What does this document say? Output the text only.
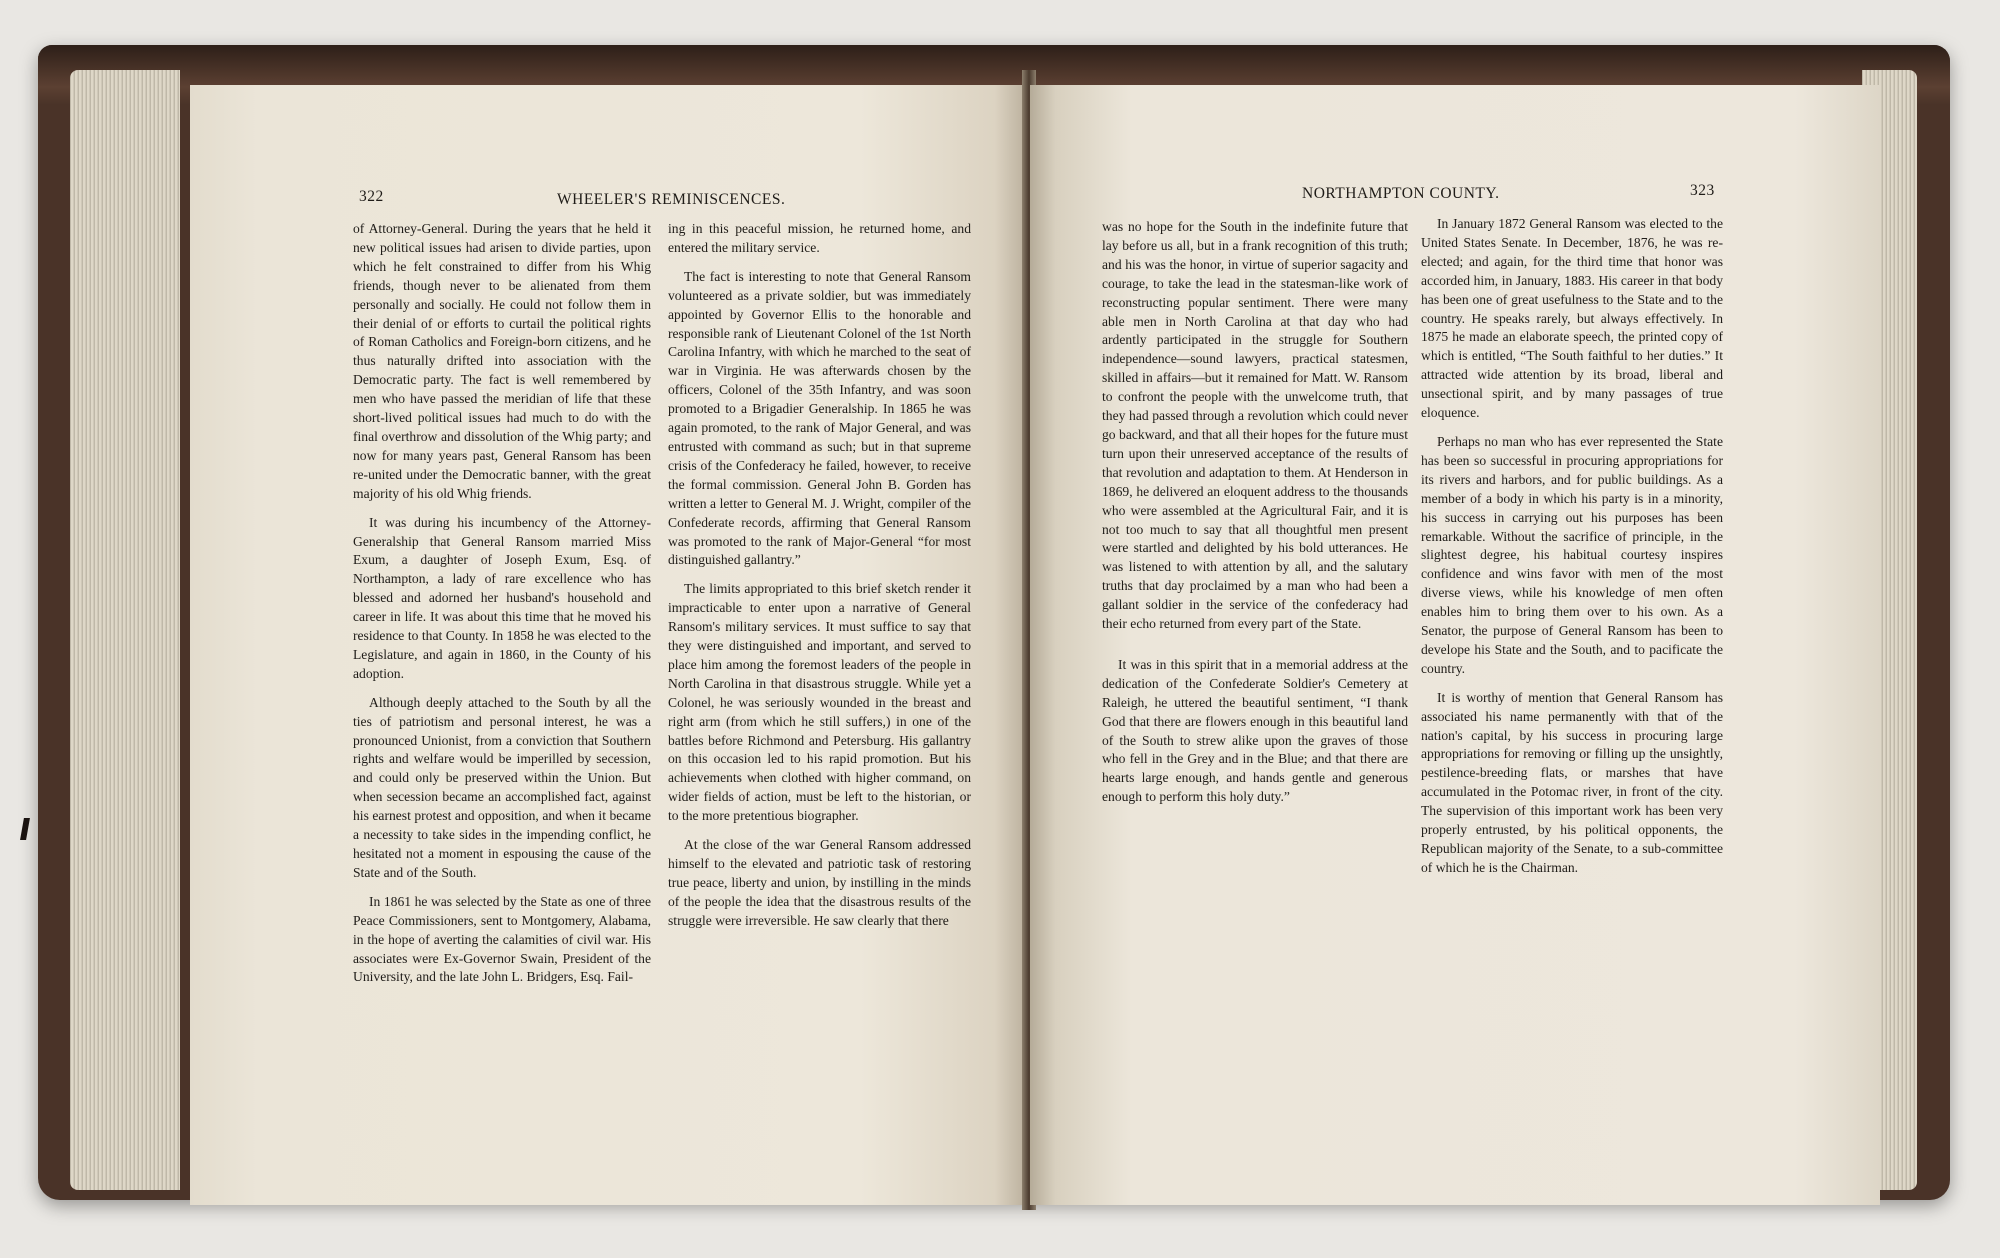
322	WHEELER'S REMINISCENCES.

of Attorney-General. During the years that he held it new political issues had arisen to divide parties, upon which he felt constrained to differ from his Whig friends, though never to be alienated from them personally and socially. He could not follow them in their denial of or efforts to curtail the political rights of Roman Catholics and Foreign-born citizens, and he thus naturally drifted into association with the Democratic party. The fact is well remembered by men who have passed the meridian of life that these short-lived political issues had much to do with the final overthrow and dissolution of the Whig party; and now for many years past, General Ransom has been re-united under the Democratic banner, with the great majority of his old Whig friends.

It was during his incumbency of the Attorney-Generalship that General Ransom married Miss Exum, a daughter of Joseph Exum, Esq. of Northampton, a lady of rare excellence who has blessed and adorned her husband's household and career in life. It was about this time that he moved his residence to that County. In 1858 he was elected to the Legislature, and again in 1860, in the County of his adoption.

Although deeply attached to the South by all the ties of patriotism and personal interest, he was a pronounced Unionist, from a conviction that Southern rights and welfare would be imperilled by secession, and could only be preserved within the Union. But when secession became an accomplished fact, against his earnest protest and opposition, and when it became a necessity to take sides in the impending conflict, he hesitated not a moment in espousing the cause of the State and of the South.

In 1861 he was selected by the State as one of three Peace Commissioners, sent to Montgomery, Alabama, in the hope of averting the calamities of civil war. His associates were Ex-Governor Swain, President of the University, and the late John L. Bridgers, Esq. Fail-

ing in this peaceful mission, he returned home, and entered the military service.

The fact is interesting to note that General Ransom volunteered as a private soldier, but was immediately appointed by Governor Ellis to the honorable and responsible rank of Lieutenant Colonel of the 1st North Carolina Infantry, with which he marched to the seat of war in Virginia. He was afterwards chosen by the officers, Colonel of the 35th Infantry, and was soon promoted to a Brigadier Generalship. In 1865 he was again promoted, to the rank of Major General, and was entrusted with command as such; but in that supreme crisis of the Confederacy he failed, however, to receive the formal commission. General John B. Gorden has written a letter to General M. J. Wright, compiler of the Confederate records, affirming that General Ransom was promoted to the rank of Major-General “for most distinguished gallantry.”

The limits appropriated to this brief sketch render it impracticable to enter upon a narrative of General Ransom's military services. It must suffice to say that they were distinguished and important, and served to place him among the foremost leaders of the people in North Carolina in that disastrous struggle. While yet a Colonel, he was seriously wounded in the breast and right arm (from which he still suffers,) in one of the battles before Richmond and Petersburg. His gallantry on this occasion led to his rapid promotion. But his achievements when clothed with higher command, on wider fields of action, must be left to the historian, or to the more pretentious biographer.

At the close of the war General Ransom addressed himself to the elevated and patriotic task of restoring true peace, liberty and union, by instilling in the minds of the people the idea that the disastrous results of the struggle were irreversible. He saw clearly that there

NORTHAMPTON COUNTY.	323

was no hope for the South in the indefinite future that lay before us all, but in a frank recognition of this truth; and his was the honor, in virtue of superior sagacity and courage, to take the lead in the statesman-like work of reconstructing popular sentiment. There were many able men in North Carolina at that day who had ardently participated in the struggle for Southern independence—sound lawyers, practical statesmen, skilled in affairs—but it remained for Matt. W. Ransom to confront the people with the unwelcome truth, that they had passed through a revolution which could never go backward, and that all their hopes for the future must turn upon their unreserved acceptance of the results of that revolution and adaptation to them. At Henderson in 1869, he delivered an eloquent address to the thousands who were assembled at the Agricultural Fair, and it is not too much to say that all thoughtful men present were startled and delighted by his bold utterances. He was listened to with attention by all, and the salutary truths that day proclaimed by a man who had been a gallant soldier in the service of the confederacy had their echo returned from every part of the State.

It was in this spirit that in a memorial address at the dedication of the Confederate Soldier's Cemetery at Raleigh, he uttered the beautiful sentiment, “I thank God that there are flowers enough in this beautiful land of the South to strew alike upon the graves of those who fell in the Grey and in the Blue; and that there are hearts large enough, and hands gentle and generous enough to perform this holy duty.”

In January 1872 General Ransom was elected to the United States Senate. In December, 1876, he was re-elected; and again, for the third time that honor was accorded him, in January, 1883. His career in that body has been one of great usefulness to the State and to the country. He speaks rarely, but always effectively. In 1875 he made an elaborate speech, the printed copy of which is entitled, “The South faithful to her duties.” It attracted wide attention by its broad, liberal and unsectional spirit, and by many passages of true eloquence.

Perhaps no man who has ever represented the State has been so successful in procuring appropriations for its rivers and harbors, and for public buildings. As a member of a body in which his party is in a minority, his success in carrying out his purposes has been remarkable. Without the sacrifice of principle, in the slightest degree, his habitual courtesy inspires confidence and wins favor with men of the most diverse views, while his knowledge of men often enables him to bring them over to his own. As a Senator, the purpose of General Ransom has been to develope his State and the South, and to pacificate the country.

It is worthy of mention that General Ransom has associated his name permanently with that of the nation's capital, by his success in procuring large appropriations for removing or filling up the unsightly, pestilence-breeding flats, or marshes that have accumulated in the Potomac river, in front of the city. The supervision of this important work has been very properly entrusted, by his political opponents, the Republican majority of the Senate, to a sub-committee of which he is the Chairman.
